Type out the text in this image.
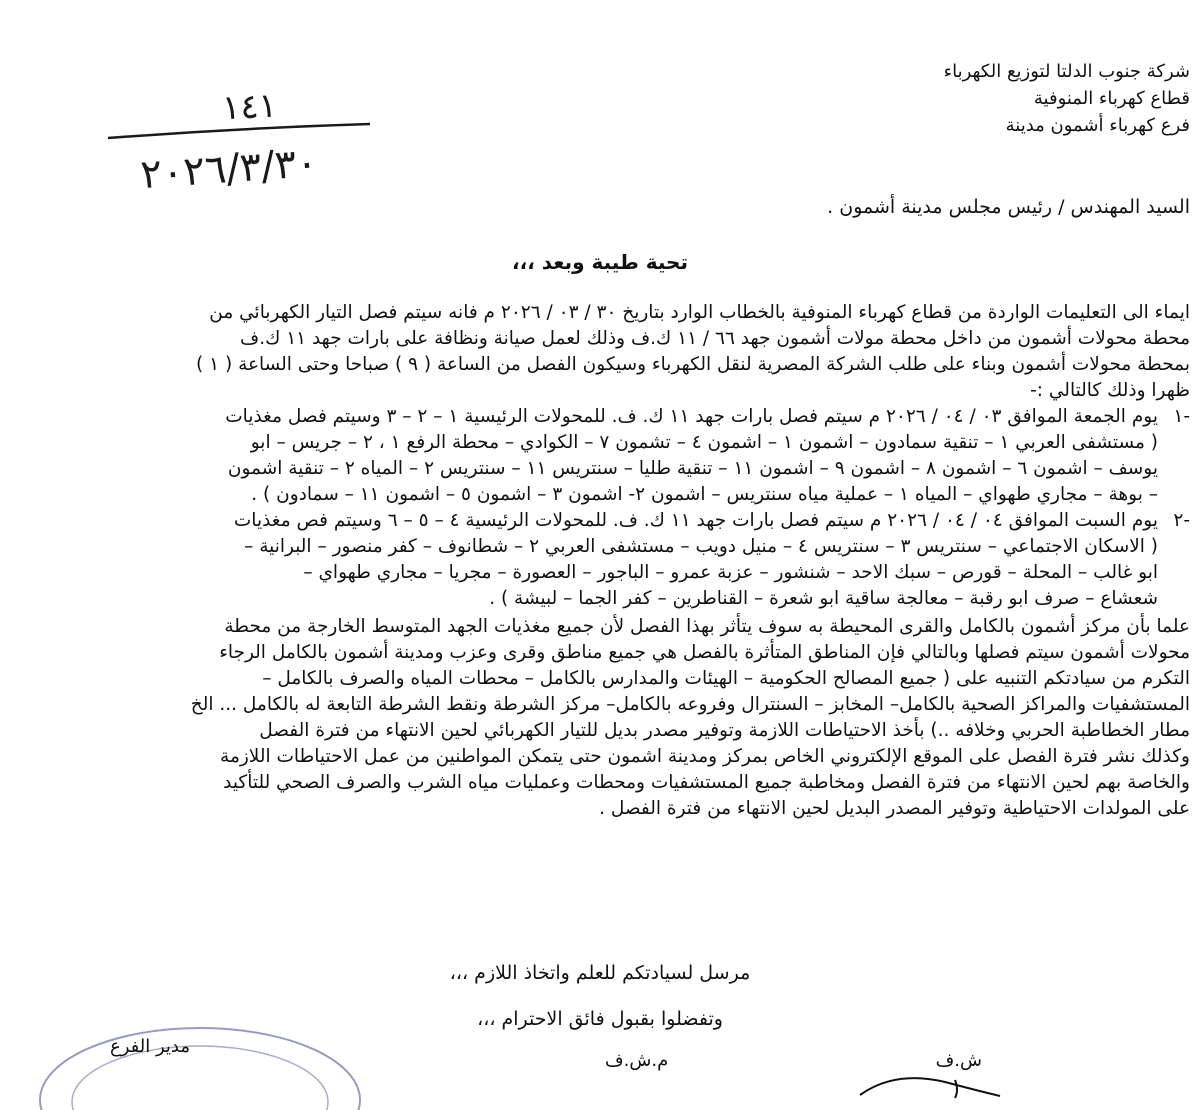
شركة جنوب الدلتا لتوزيع الكهرباء
قطاع كهرباء المنوفية
فرع كهرباء أشمون مدينة
١٤١
٢٠٢٦/٣/٣٠
السيد المهندس / رئيس مجلس مدينة أشمون .
تحية طيبة وبعد ،،،

ايماء الى التعليمات الواردة من قطاع كهرباء المنوفية بالخطاب الوارد بتاريخ ٣٠ / ٠٣ / ٢٠٢٦ م فانه سيتم فصل التيار الكهربائي من

محطة محولات أشمون من داخل محطة مولات أشمون جهد ٦٦ / ١١ ك.ف وذلك لعمل صيانة ونظافة على بارات جهد ١١ ك.ف

بمحطة محولات أشمون وبناء على طلب الشركة المصرية لنقل الكهرباء وسيكون الفصل من الساعة ( ٩ ) صباحا وحتى الساعة ( ١ )

ظهرا وذلك كالتالي :-

-١

يوم الجمعة الموافق ٠٣ / ٠٤ / ٢٠٢٦ م سيتم فصل بارات جهد ١١ ك. ف. للمحولات الرئيسية ١ – ٢ – ٣ وسيتم فصل مغذيات

( مستشفى العربي ١ – تنقية سمادون – اشمون ١ – اشمون ٤ – تشمون ٧ – الكوادي – محطة الرفع ١ ، ٢ – جريس – ابو

يوسف – اشمون ٦ – اشمون ٨ – اشمون ٩ – اشمون ١١ – تنقية طليا – سنتريس ١١ – سنتريس ٢ – المياه ٢ – تنقية اشمون

– بوهة – مجاري طهواي – المياه ١ – عملية مياه سنتريس – اشمون ٢- اشمون ٣ – اشمون ٥ – اشمون ١١ – سمادون ) .

-٢

يوم السبت الموافق ٠٤ / ٠٤ / ٢٠٢٦ م سيتم فصل بارات جهد ١١ ك. ف. للمحولات الرئيسية ٤ – ٥ – ٦ وسيتم فص مغذيات

( الاسكان الاجتماعي – سنتريس ٣ – سنتريس ٤ – منيل دويب – مستشفى العربي ٢ – شطانوف – كفر منصور – البرانية –

ابو غالب – المحلة – قورص – سبك الاحد – شنشور – عزبة عمرو – الباجور – العصورة – مجريا – مجاري طهواي –

شعشاع – صرف ابو رقبة – معالجة ساقية ابو شعرة – القناطرين – كفر الجما – لبيشة ) .

علما بأن مركز أشمون بالكامل والقرى المحيطة به سوف يتأثر بهذا الفصل لأن جميع مغذيات الجهد المتوسط الخارجة من محطة

محولات أشمون سيتم فصلها وبالتالي فإن المناطق المتأثرة بالفصل هي جميع مناطق وقرى وعزب ومدينة أشمون بالكامل الرجاء

التكرم من سيادتكم التنبيه على ( جميع المصالح الحكومية – الهيئات والمدارس بالكامل – محطات المياه والصرف بالكامل –

المستشفيات والمراكز الصحية بالكامل– المخابز – السنترال وفروعه بالكامل– مركز الشرطة ونقط الشرطة التابعة له بالكامل ... الخ

مطار الخطاطبة الحربي وخلافه ..) بأخذ الاحتياطات اللازمة وتوفير مصدر بديل للتيار الكهربائي لحين الانتهاء من فترة الفصل

وكذلك نشر فترة الفصل على الموقع الإلكتروني الخاص بمركز ومدينة اشمون حتى يتمكن المواطنين من عمل الاحتياطات اللازمة

والخاصة بهم لحين الانتهاء من فترة الفصل ومخاطبة جميع المستشفيات ومحطات وعمليات مياه الشرب والصرف الصحي للتأكيد

على المولدات الاحتياطية وتوفير المصدر البديل لحين الانتهاء من فترة الفصل .

مرسل لسيادتكم للعلم واتخاذ اللازم ،،،
وتفضلوا بقبول فائق الاحترام ،،،
مدير الفرع
م.ش.ف	ش.ف
